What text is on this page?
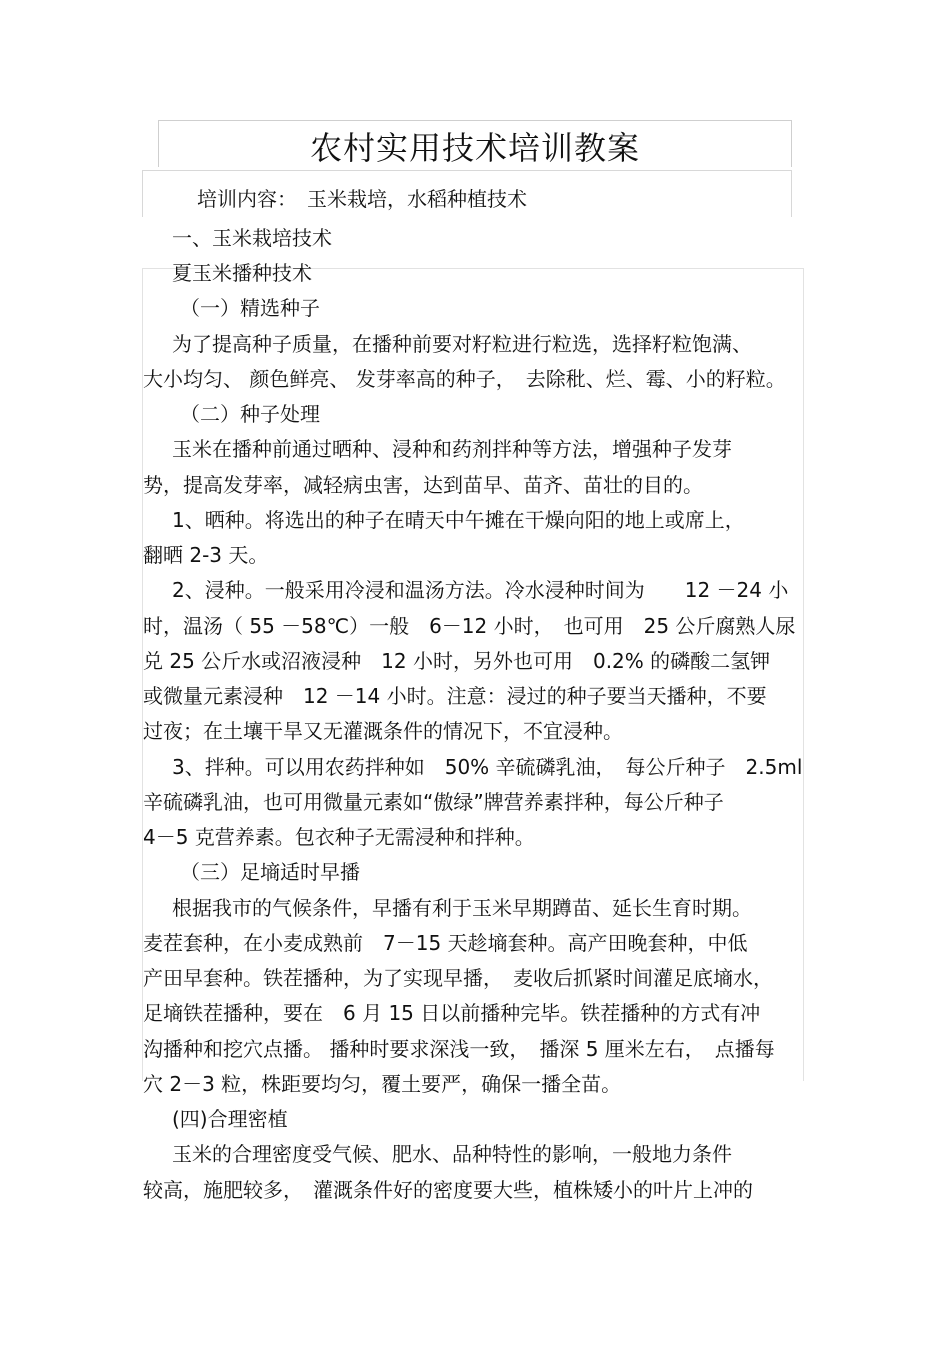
农村实用技术培训教案
培训内容：　玉米栽培，水稻种植技术
一、玉米栽培技术
夏玉米播种技术
（一）精选种子
为了提高种子质量，在播种前要对籽粒进行粒选，选择籽粒饱满、
大小均匀、 颜色鲜亮、 发芽率高的种子，　去除秕、烂、霉、小的籽粒。
（二）种子处理
玉米在播种前通过晒种、浸种和药剂拌种等方法，增强种子发芽
势，提高发芽率，减轻病虫害，达到苗早、苗齐、苗壮的目的。
1、晒种。将选出的种子在晴天中午摊在干燥向阳的地上或席上，
翻晒 2-3 天。
2、浸种。一般采用冷浸和温汤方法。冷水浸种时间为　　12 －24 小
时，温汤（ 55 －58℃）一般　6－12 小时，　也可用　25 公斤腐熟人尿
兑 25 公斤水或沼液浸种　12 小时，另外也可用　0.2% 的磷酸二氢钾
或微量元素浸种　12 －14 小时。注意：浸过的种子要当天播种，不要
过夜；在土壤干旱又无灌溉条件的情况下，不宜浸种。
3、拌种。可以用农药拌种如　50% 辛硫磷乳油，　每公斤种子　2.5ml
辛硫磷乳油，也可用微量元素如“傲绿”牌营养素拌种，每公斤种子
4－5 克营养素。包衣种子无需浸种和拌种。
（三）足墒适时早播
根据我市的气候条件，早播有利于玉米早期蹲苗、延长生育时期。
麦茬套种，在小麦成熟前　7－15 天趁墒套种。高产田晚套种，中低
产田早套种。铁茬播种，为了实现早播，　麦收后抓紧时间灌足底墒水，
足墒铁茬播种，要在　6 月 15 日以前播种完毕。铁茬播种的方式有冲
沟播种和挖穴点播。 播种时要求深浅一致，　播深 5 厘米左右，　点播每
穴 2－3 粒，株距要均匀，覆土要严，确保一播全苗。
(四)合理密植
玉米的合理密度受气候、肥水、品种特性的影响，一般地力条件
较高，施肥较多，　灌溉条件好的密度要大些，植株矮小的叶片上冲的
